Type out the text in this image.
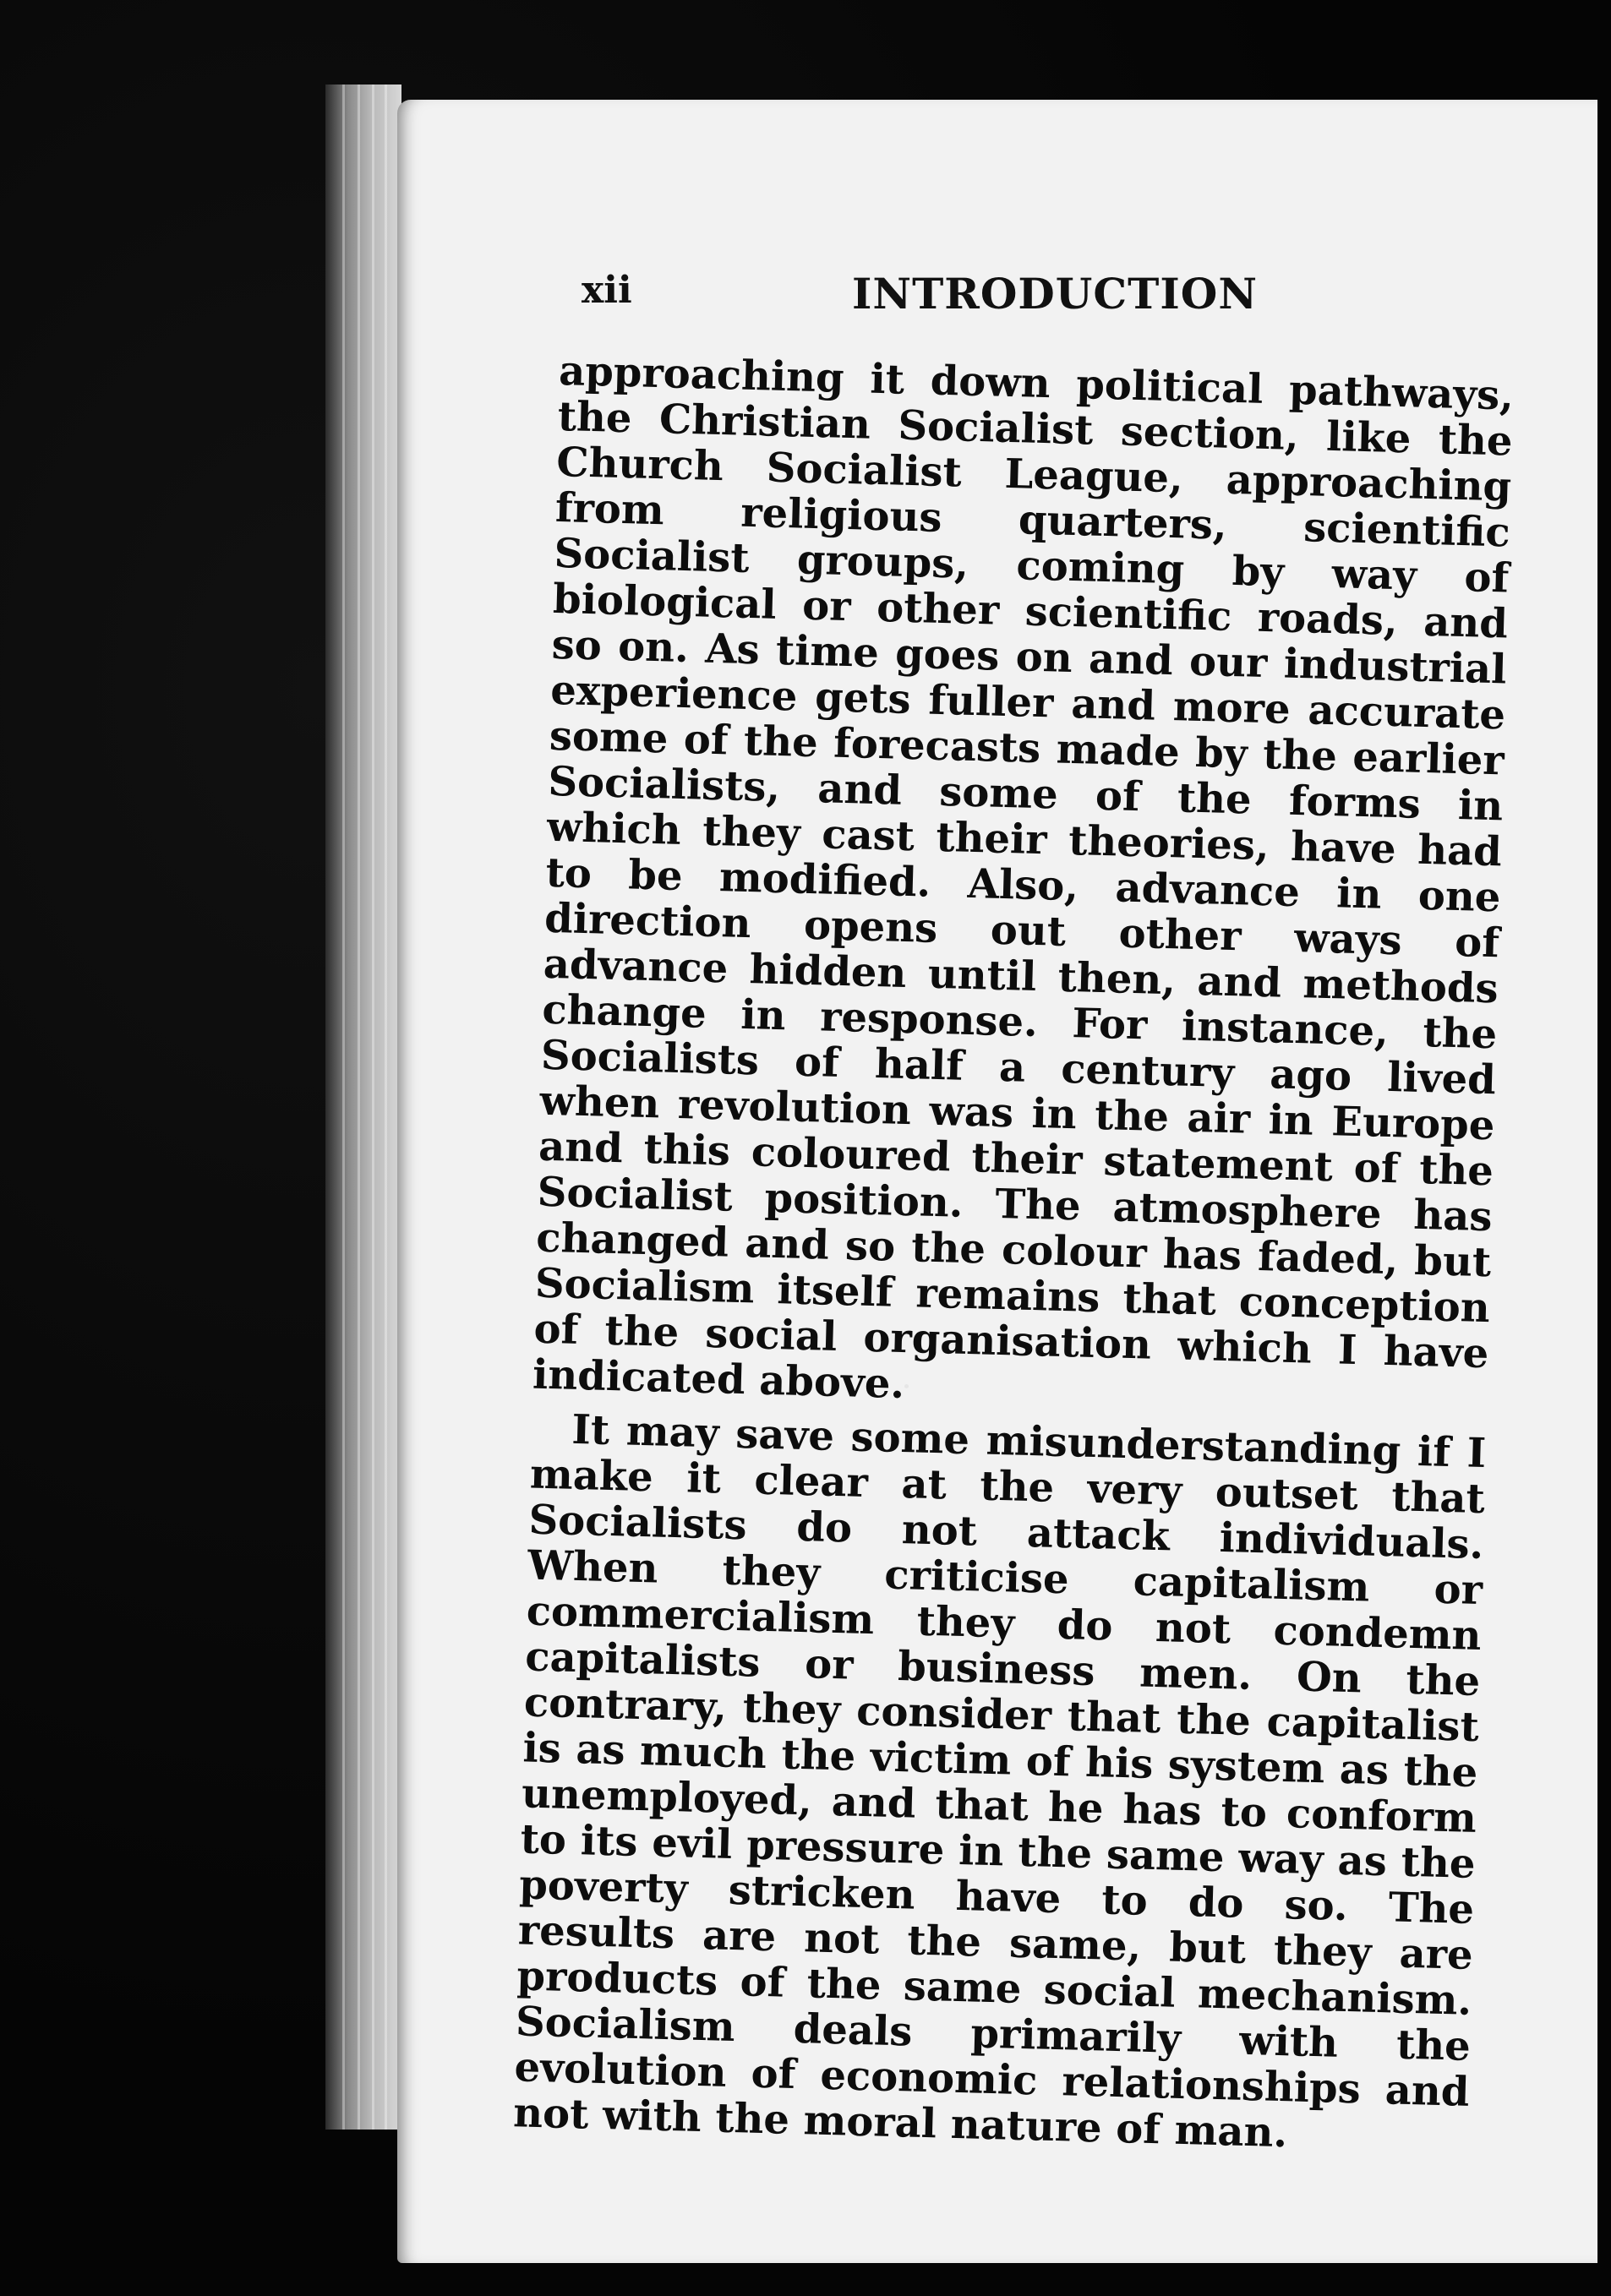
xii	INTRODUCTION

approaching it down political pathways, the Christian Socialist section, like the Church Socialist League, approaching from religious quarters, scientific Socialist groups, coming by way of biological or other scientific roads, and so on. As time goes on and our industrial experience gets fuller and more accurate some of the forecasts made by the earlier Socialists, and some of the forms in which they cast their theories, have had to be modified. Also, advance in one direction opens out other ways of advance hidden until then, and methods change in response. For instance, the Socialists of half a century ago lived when revolution was in the air in Europe and this coloured their statement of the Socialist position. The atmosphere has changed and so the colour has faded, but Socialism itself remains that conception of the social organisation which I have indicated above.

It may save some misunderstanding if I make it clear at the very outset that Socialists do not attack individuals. When they criticise capitalism or commercialism they do not condemn capitalists or business men. On the contrary, they consider that the capitalist is as much the victim of his system as the unemployed, and that he has to conform to its evil pressure in the same way as the poverty stricken have to do so. The results are not the same, but they are products of the same social mechanism. Socialism deals primarily with the evolution of economic relationships and not with the moral nature of man.
